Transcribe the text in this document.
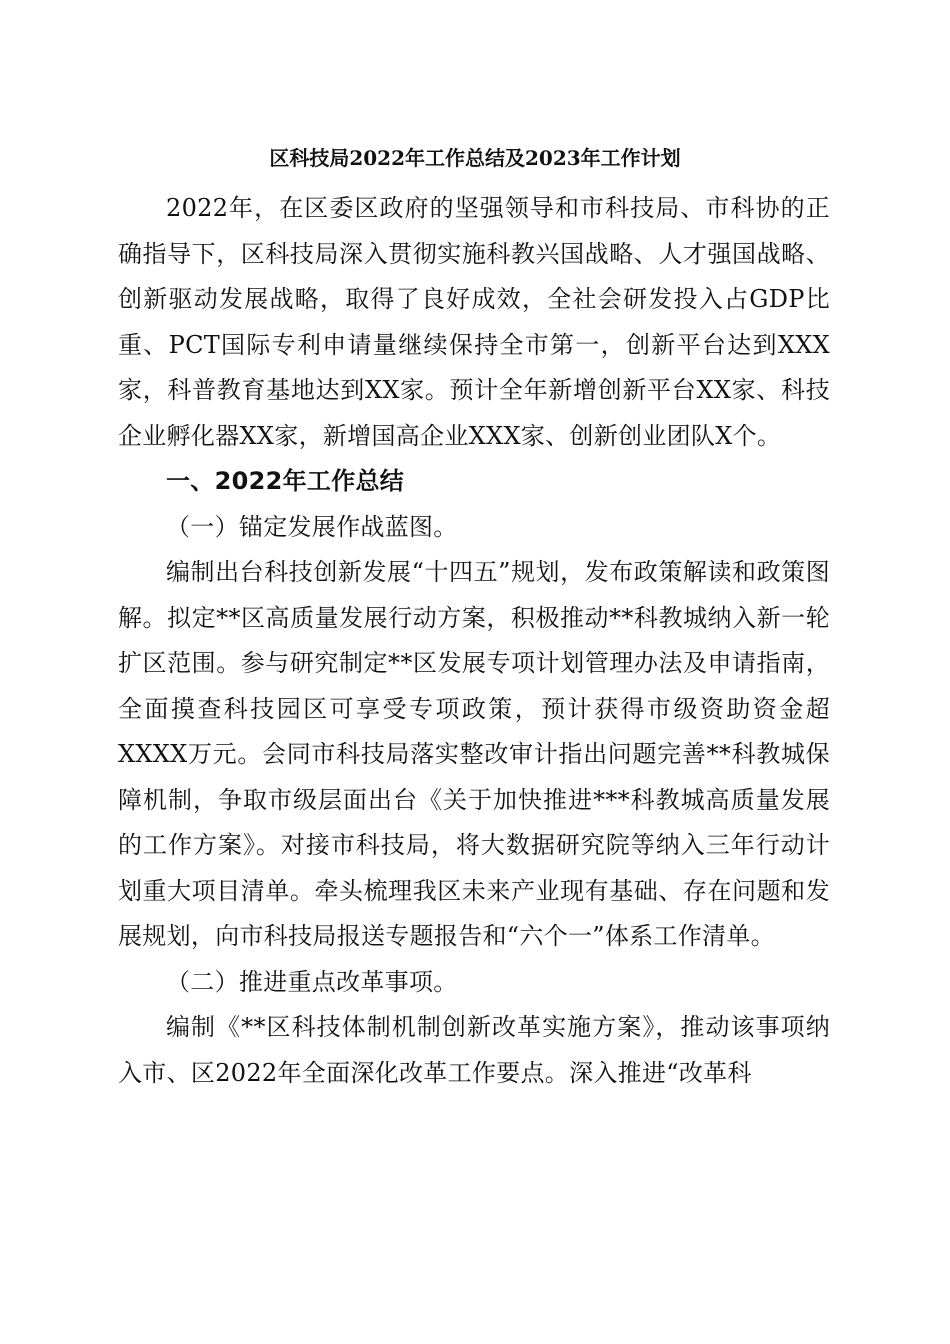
区科技局2022年工作总结及2023年工作计划

2022年，在区委区政府的坚强领导和市科技局、市科协的正确指导下，区科技局深入贯彻实施科教兴国战略、人才强国战略、创新驱动发展战略，取得了良好成效，全社会研发投入占GDP比重、PCT国际专利申请量继续保持全市第一，创新平台达到XXX家，科普教育基地达到XX家。预计全年新增创新平台XX家、科技企业孵化器XX家，新增国高企业XXX家、创新创业团队X个。

一、2022年工作总结

（一）锚定发展作战蓝图。

编制出台科技创新发展“十四五”规划，发布政策解读和政策图解。拟定**区高质量发展行动方案，积极推动**科教城纳入新一轮扩区范围。参与研究制定**区发展专项计划管理办法及申请指南，全面摸查科技园区可享受专项政策，预计获得市级资助资金超XXXX万元。会同市科技局落实整改审计指出问题完善**科教城保障机制，争取市级层面出台《关于加快推进***科教城高质量发展的工作方案》。对接市科技局，将大数据研究院等纳入三年行动计划重大项目清单。牵头梳理我区未来产业现有基础、存在问题和发展规划，向市科技局报送专题报告和“六个一”体系工作清单。

（二）推进重点改革事项。

编制《**区科技体制机制创新改革实施方案》，推动该事项纳入市、区2022年全面深化改革工作要点。深入推进“改革科
